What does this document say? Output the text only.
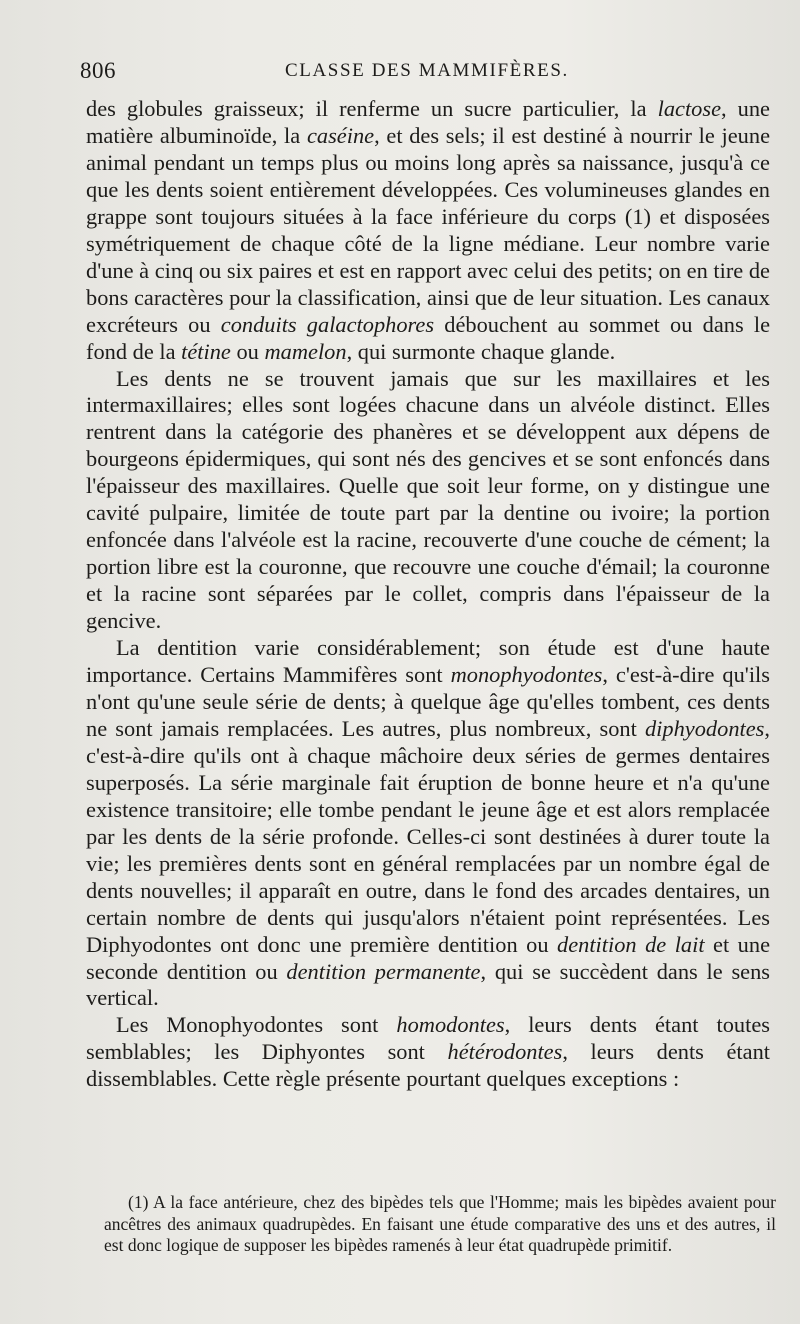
806	CLASSE DES MAMMIFÈRES.

des globules graisseux; il renferme un sucre particulier, la lactose, une matière albuminoïde, la caséine, et des sels; il est destiné à nourrir le jeune animal pendant un temps plus ou moins long après sa naissance, jusqu'à ce que les dents soient entièrement développées. Ces volumineuses glandes en grappe sont toujours situées à la face inférieure du corps (1) et disposées symétriquement de chaque côté de la ligne médiane. Leur nombre varie d'une à cinq ou six paires et est en rapport avec celui des petits; on en tire de bons caractères pour la classification, ainsi que de leur situation. Les canaux excréteurs ou conduits galactophores débouchent au sommet ou dans le fond de la tétine ou mamelon, qui surmonte chaque glande.

Les dents ne se trouvent jamais que sur les maxillaires et les intermaxillaires; elles sont logées chacune dans un alvéole distinct. Elles rentrent dans la catégorie des phanères et se développent aux dépens de bourgeons épidermiques, qui sont nés des gencives et se sont enfoncés dans l'épaisseur des maxillaires. Quelle que soit leur forme, on y distingue une cavité pulpaire, limitée de toute part par la dentine ou ivoire; la portion enfoncée dans l'alvéole est la racine, recouverte d'une couche de cément; la portion libre est la couronne, que recouvre une couche d'émail; la couronne et la racine sont séparées par le collet, compris dans l'épaisseur de la gencive.

La dentition varie considérablement; son étude est d'une haute importance. Certains Mammifères sont monophyodontes, c'est-à-dire qu'ils n'ont qu'une seule série de dents; à quelque âge qu'elles tombent, ces dents ne sont jamais remplacées. Les autres, plus nombreux, sont diphyodontes, c'est-à-dire qu'ils ont à chaque mâchoire deux séries de germes dentaires superposés. La série marginale fait éruption de bonne heure et n'a qu'une existence transitoire; elle tombe pendant le jeune âge et est alors remplacée par les dents de la série profonde. Celles-ci sont destinées à durer toute la vie; les premières dents sont en général remplacées par un nombre égal de dents nouvelles; il apparaît en outre, dans le fond des arcades dentaires, un certain nombre de dents qui jusqu'alors n'étaient point représentées. Les Diphyodontes ont donc une première dentition ou dentition de lait et une seconde dentition ou dentition permanente, qui se succèdent dans le sens vertical.

Les Monophyodontes sont homodontes, leurs dents étant toutes semblables; les Diphyontes sont hétérodontes, leurs dents étant dissemblables. Cette règle présente pourtant quelques exceptions :

(1) A la face antérieure, chez des bipèdes tels que l'Homme; mais les bipèdes avaient pour ancêtres des animaux quadrupèdes. En faisant une étude comparative des uns et des autres, il est donc logique de supposer les bipèdes ramenés à leur état quadrupède primitif.
